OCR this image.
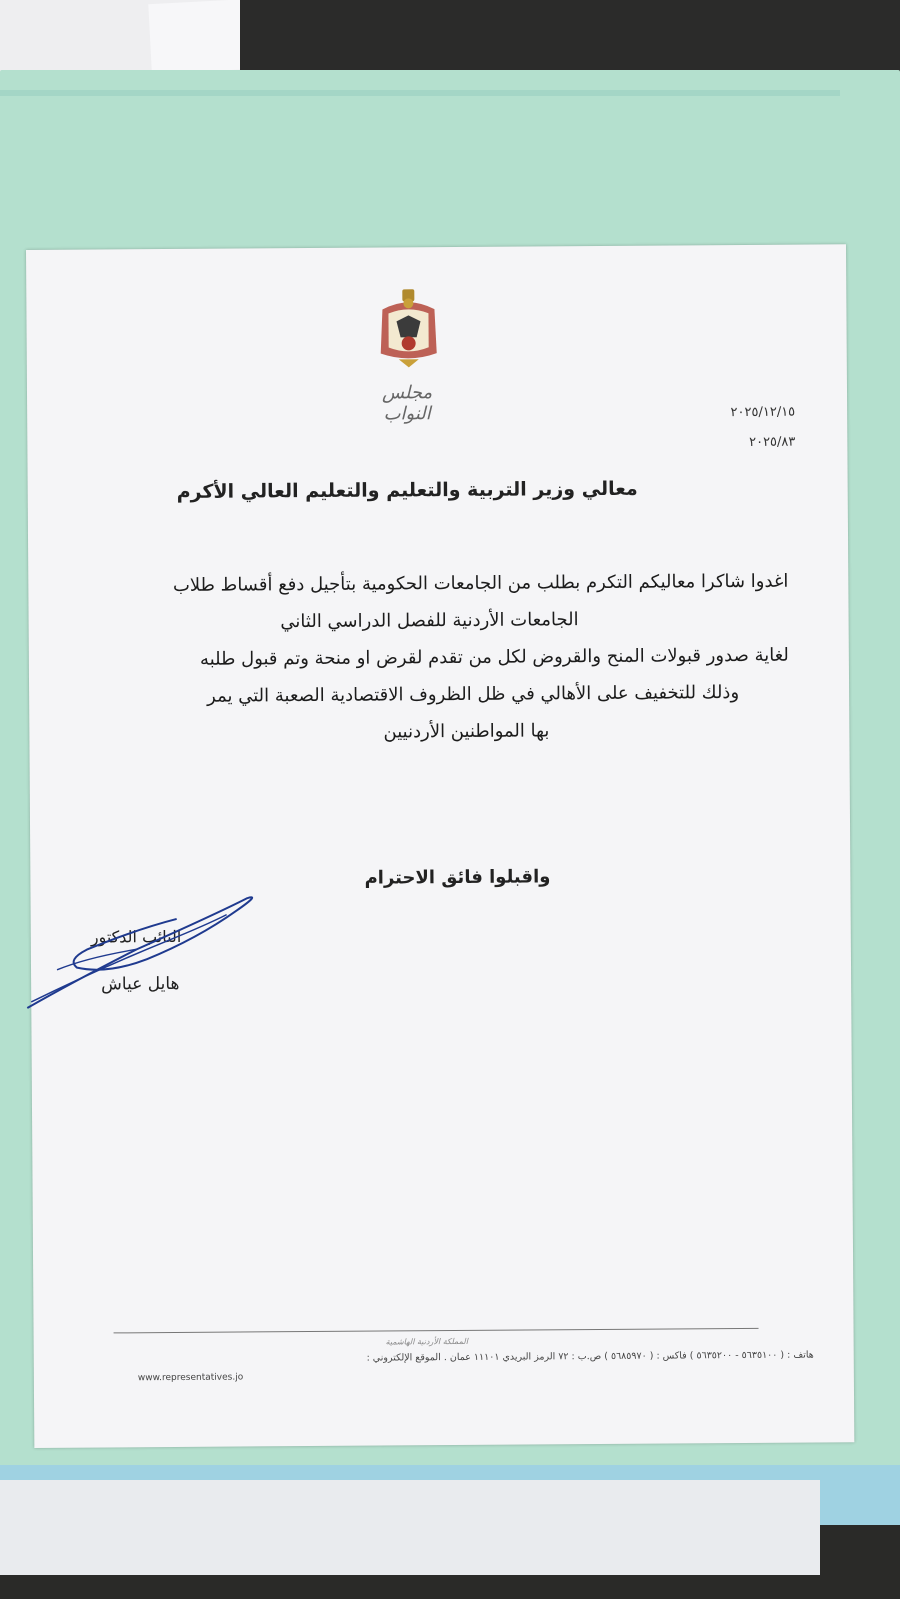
مجلس النواب	٢٠٢٥/١٢/١٥
٢٠٢٥/٨٣
معالي وزير التربية والتعليم والتعليم العالي الأكرم
اغدوا شاكرا معاليكم التكرم بطلب من الجامعات الحكومية بتأجيل دفع أقساط طلاب
الجامعات الأردنية للفصل الدراسي الثاني
لغاية صدور قبولات المنح والقروض لكل من تقدم لقرض او منحة وتم قبول طلبه
وذلك للتخفيف على الأهالي في ظل الظروف الاقتصادية الصعبة التي يمر
بها المواطنين الأردنيين
واقبلوا فائق الاحترام
النائب الدكتور
هايل عياش
المملكة الأردنية الهاشمية
هاتف : ( ٥٦٣٥١٠٠ - ٥٦٣٥٢٠٠ ) فاكس : ( ٥٦٨٥٩٧٠ ) ص.ب : ٧٢ الرمز البريدي ١١١٠١ عمان . الموقع الإلكتروني :
www.representatives.jo
